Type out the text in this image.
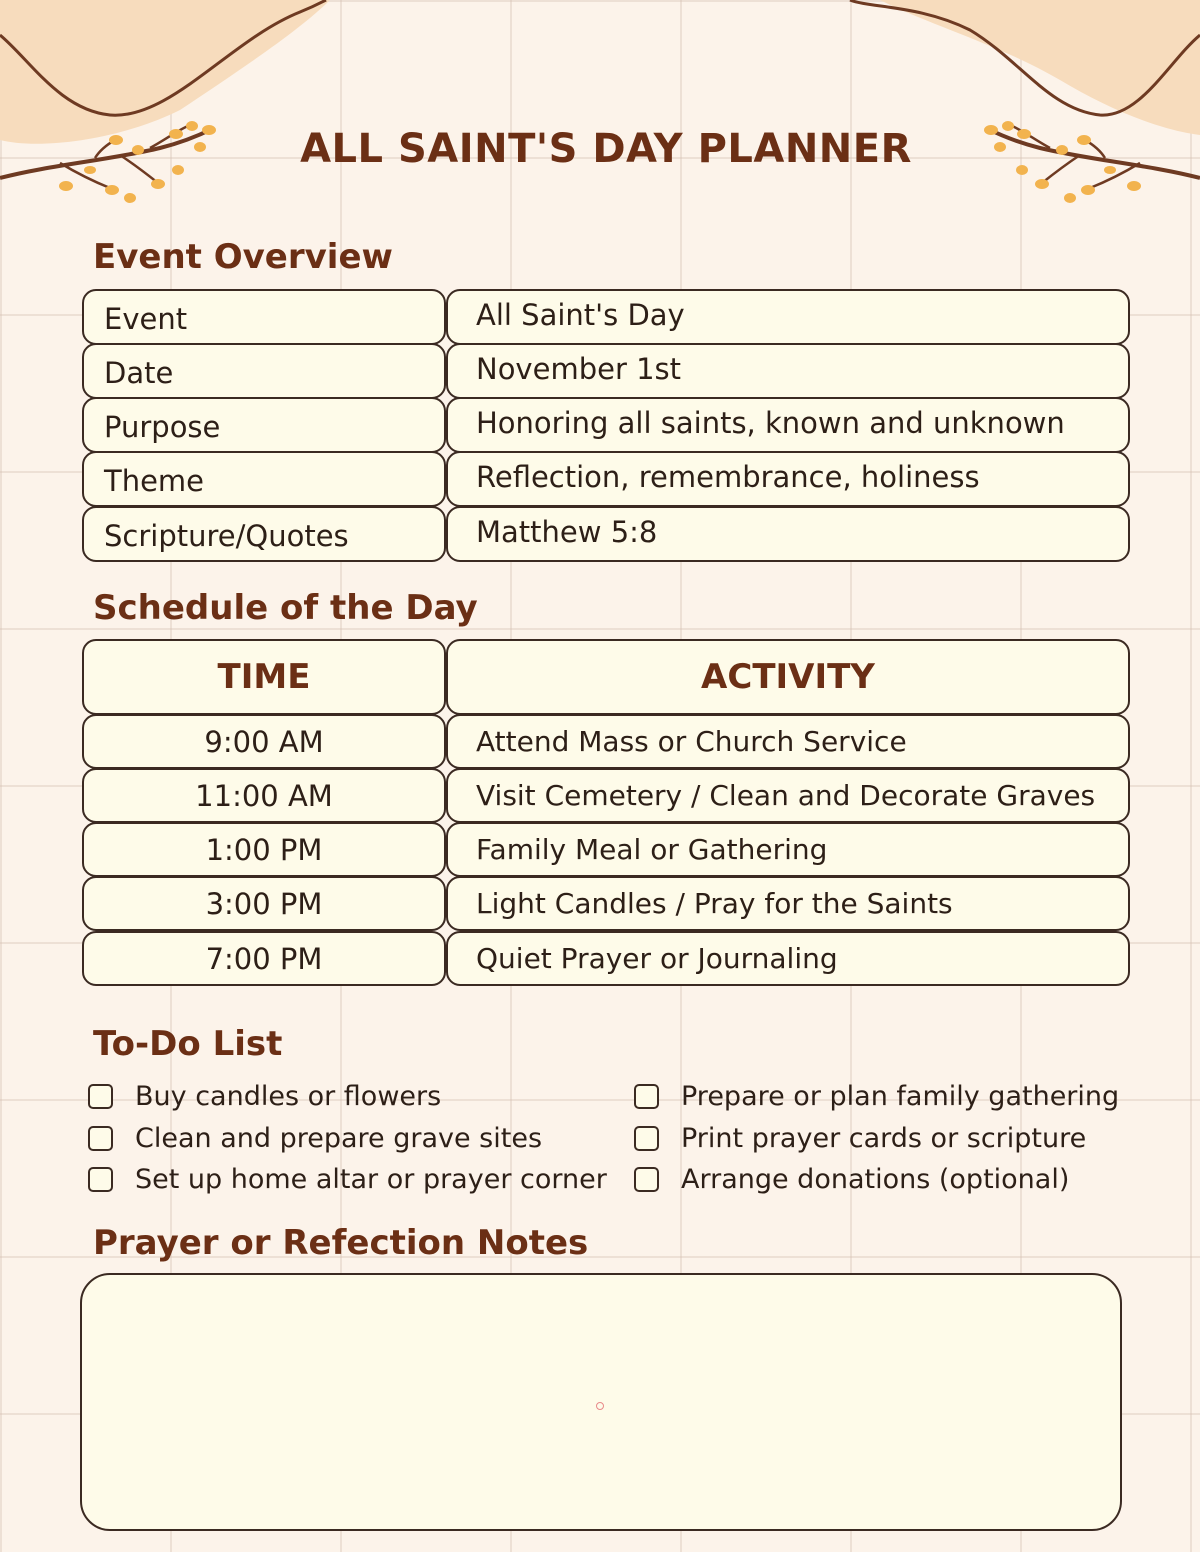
ALL SAINT'S DAY PLANNER
Event Overview
Event	All Saint's Day
Date	November 1st
Purpose	Honoring all saints, known and unknown
Theme	Reflection, remembrance, holiness
Scripture/Quotes	Matthew 5:8
Schedule of the Day
TIME	ACTIVITY
9:00 AM	Attend Mass or Church Service
11:00 AM	Visit Cemetery / Clean and Decorate Graves
1:00 PM	Family Meal or Gathering
3:00 PM	Light Candles / Pray for the Saints
7:00 PM	Quiet Prayer or Journaling
To-Do List
Buy candles or flowers
Clean and prepare grave sites
Set up home altar or prayer corner
Prepare or plan family gathering
Print prayer cards or scripture
Arrange donations (optional)
Prayer or Refection Notes
